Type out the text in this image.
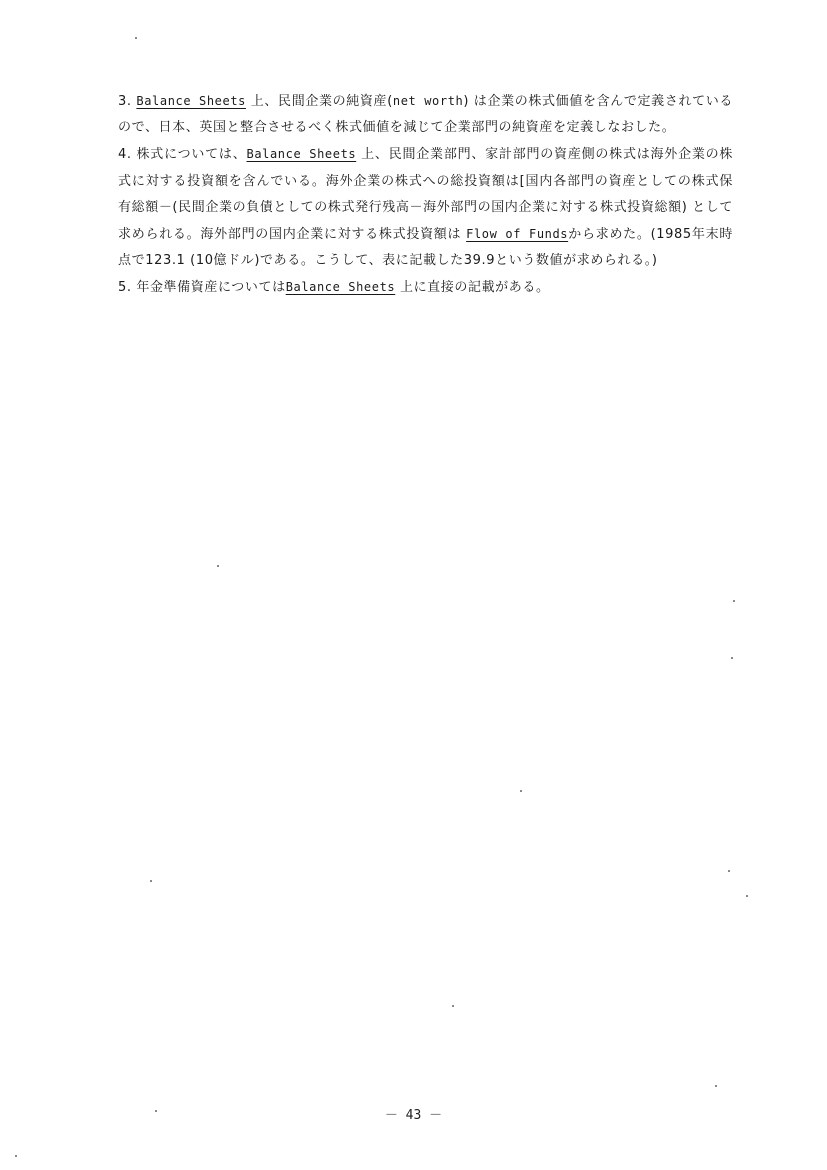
3. Balance Sheets 上、民間企業の純資産(net worth) は企業の株式価値を含んで定義されているので、日本、英国と整合させるべく株式価値を減じて企業部門の純資産を定義しなおした。

4. 株式については、Balance Sheets 上、民間企業部門、家計部門の資産側の株式は海外企業の株式に対する投資額を含んでいる。海外企業の株式への総投資額は[国内各部門の資産としての株式保有総額－(民間企業の負債としての株式発行残高－海外部門の国内企業に対する株式投資総額) として求められる。海外部門の国内企業に対する株式投資額は Flow of Fundsから求めた。(1985年末時点で123.1 (10億ドル)である。こうして、表に記載した39.9という数値が求められる。)

5. 年金準備資産についてはBalance Sheets 上に直接の記載がある。

－ 43 －
